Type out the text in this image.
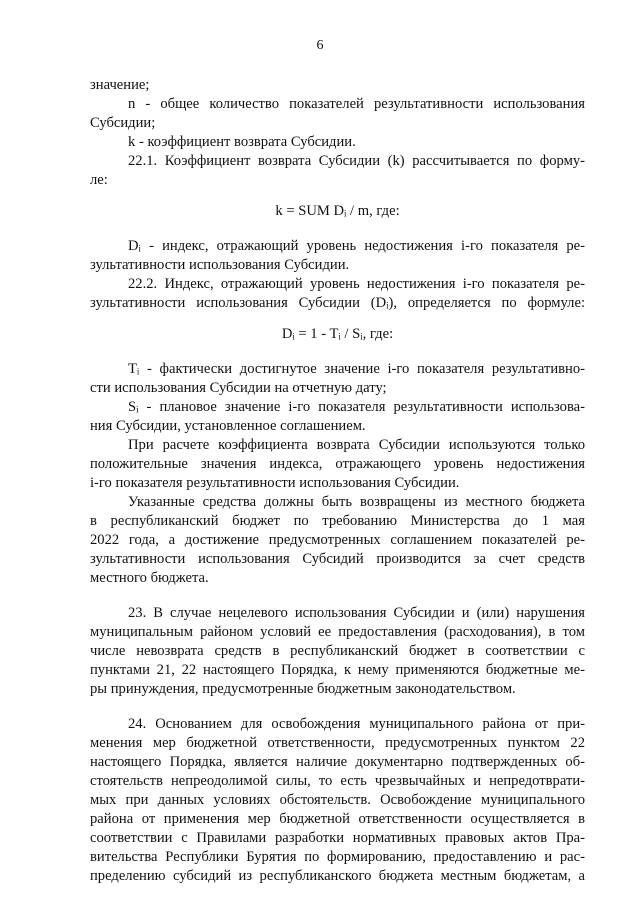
6
значение;
n - общее количество показателей результативности использования
Субсидии;
k - коэффициент возврата Субсидии.
22.1. Коэффициент возврата Субсидии (k) рассчитывается по форму-
ле:
k = SUM Dᵢ / m, где:
Dᵢ - индекс, отражающий уровень недостижения i-го показателя ре-
зультативности использования Субсидии.
22.2. Индекс, отражающий уровень недостижения i-го показателя ре-
зультативности использования Субсидии (Dᵢ), определяется по формуле:
Dᵢ = 1 - Tᵢ / Sᵢ, где:
Tᵢ - фактически достигнутое значение i-го показателя результативно-
сти использования Субсидии на отчетную дату;
Sᵢ - плановое значение i-го показателя результативности использова-
ния Субсидии, установленное соглашением.
При расчете коэффициента возврата Субсидии используются только
положительные значения индекса, отражающего уровень недостижения
i-го показателя результативности использования Субсидии.
Указанные средства должны быть возвращены из местного бюджета
в республиканский бюджет по требованию Министерства до 1 мая
2022 года, а достижение предусмотренных соглашением показателей ре-
зультативности использования Субсидий производится за счет средств
местного бюджета.
23. В случае нецелевого использования Субсидии и (или) нарушения
муниципальным районом условий ее предоставления (расходования), в том
числе невозврата средств в республиканский бюджет в соответствии с
пунктами 21, 22 настоящего Порядка, к нему применяются бюджетные ме-
ры принуждения, предусмотренные бюджетным законодательством.
24. Основанием для освобождения муниципального района от при-
менения мер бюджетной ответственности, предусмотренных пунктом 22
настоящего Порядка, является наличие документарно подтвержденных об-
стоятельств непреодолимой силы, то есть чрезвычайных и непредотврати-
мых при данных условиях обстоятельств. Освобождение муниципального
района от применения мер бюджетной ответственности осуществляется в
соответствии с Правилами разработки нормативных правовых актов Пра-
вительства Республики Бурятия по формированию, предоставлению и рас-
пределению субсидий из республиканского бюджета местным бюджетам, а
